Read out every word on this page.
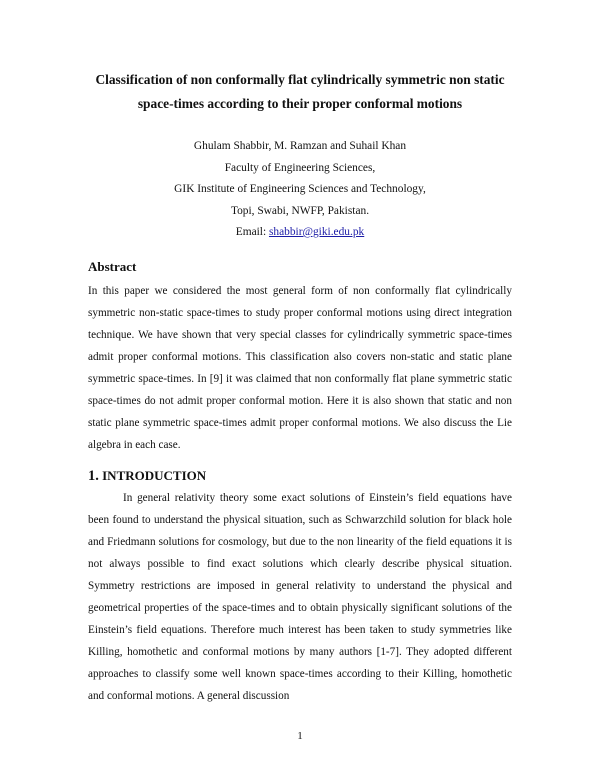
Classification of non conformally flat cylindrically symmetric non static
space-times according to their proper conformal motions
Ghulam Shabbir, M. Ramzan and Suhail Khan
Faculty of Engineering Sciences,
GIK Institute of Engineering Sciences and Technology,
Topi, Swabi, NWFP, Pakistan.
Email: shabbir@giki.edu.pk
Abstract
In this paper we considered the most general form of non conformally flat cylindrically symmetric non-static space-times to study proper conformal motions using direct integration technique. We have shown that very special classes for cylindrically symmetric space-times admit proper conformal motions. This classification also covers non-static and static plane symmetric space-times. In [9] it was claimed that non conformally flat plane symmetric static space-times do not admit proper conformal motion. Here it is also shown that static and non static plane symmetric space-times admit proper conformal motions. We also discuss the Lie algebra in each case.
1. INTRODUCTION
In general relativity theory some exact solutions of Einstein’s field equations have been found to understand the physical situation, such as Schwarzchild solution for black hole and Friedmann solutions for cosmology, but due to the non linearity of the field equations it is not always possible to find exact solutions which clearly describe physical situation. Symmetry restrictions are imposed in general relativity to understand the physical and geometrical properties of the space-times and to obtain physically significant solutions of the Einstein’s field equations. Therefore much interest has been taken to study symmetries like Killing, homothetic and conformal motions by many authors [1-7]. They adopted different approaches to classify some well known space-times according to their Killing, homothetic and conformal motions. A general discussion
1
